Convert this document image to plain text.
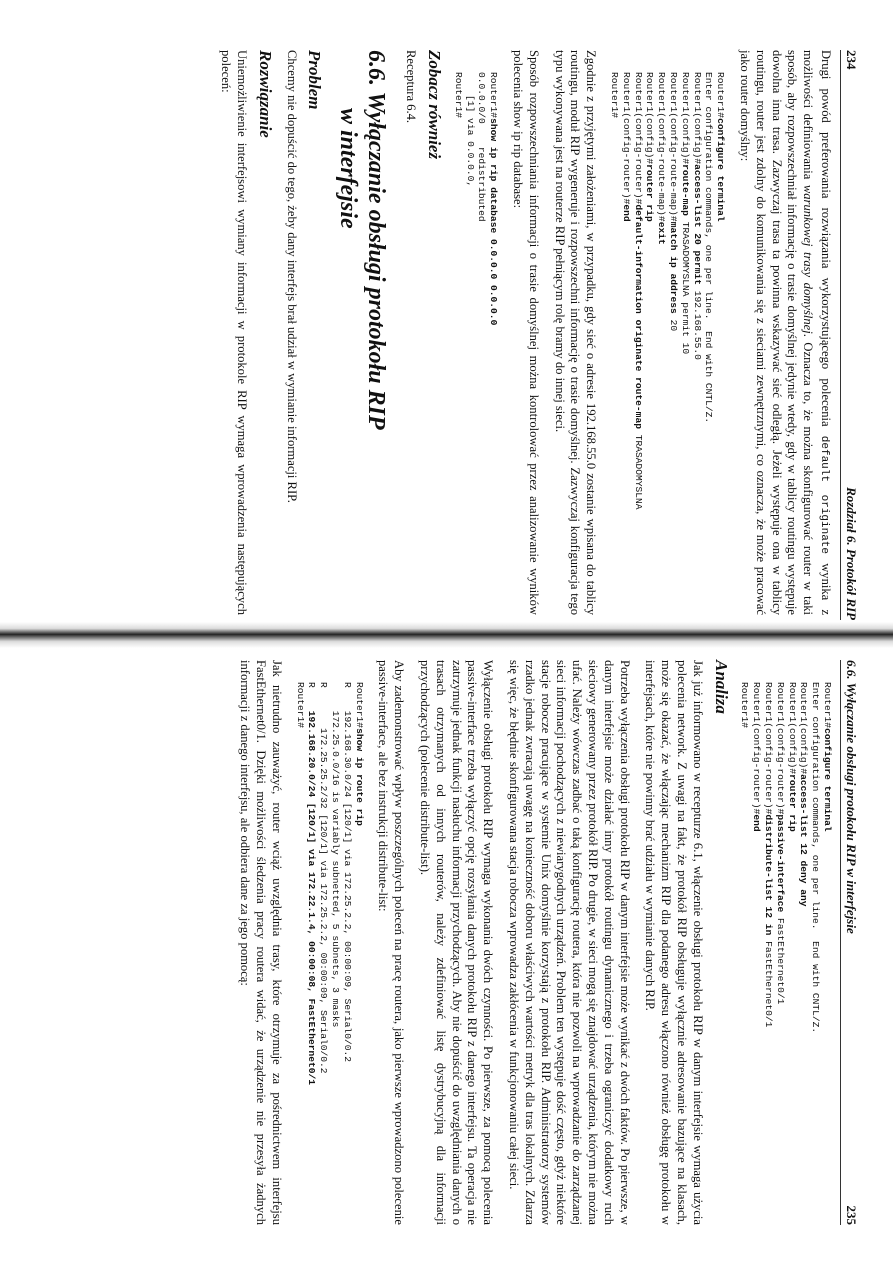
234
Rozdział 6. Protokół RIP

Drugi powód preferowania rozwiązania wykorzystującego polecenia default originate wynika z możliwości definiowania warunkowej trasy domyślnej. Oznacza to, że można skonfigurować router w taki sposób, aby rozpowszechniał informację o trasie domyślnej jedynie wtedy, gdy w tablicy routingu występuje dowolna inna trasa. Zazwyczaj trasa ta powinna wskazywać sieć odległą. Jeżeli występuje ona w tablicy routingu, router jest zdolny do komunikowania się z sieciami zewnętrznymi, co oznacza, że może pracować jako router domyślny:

Router1#configure terminal
Enter configuration commands, one per line.  End with CNTL/Z.
Router1(config)#access-list 20 permit 192.168.55.0
Router1(config)#route-map TRASADOMYSLNA permit 10
Router1(config-route-map)#match ip address 20
Router1(config-route-map)#exit
Router1(config)#router rip
Router1(config-router)#default-information originate route-map TRASADOMYSLNA
Router1(config-router)#end
Router1#

Zgodnie z przyjętymi założeniami, w przypadku, gdy sieć o adresie 192.168.55.0 zostanie wpisana do tablicy routingu, moduł RIP wygeneruje i rozpowszechni informację o trasie domyślnej. Zazwyczaj konfiguracja tego typu wykonywana jest na routerze RIP pełniącym rolę bramy do innej sieci.

Sposób rozpowszechniania informacji o trasie domyślnej można kontrolować przez analizowanie wyników polecenia show ip rip database:

Router1#show ip rip database 0.0.0.0 0.0.0.0
0.0.0.0/0    redistributed
[1] via 0.0.0.0,
Router1#
Zobacz również

Receptura 6.4.

6.6. Wyłączanie obsługi protokołu RIP
w interfejsie
Problem

Chcemy nie dopuścić do tego, żeby dany interfejs brał udział w wymianie informacji RIP.

Rozwiązanie

Uniemożliwienie interfejsowi wymiany informacji w protokole RIP wymaga wprowadzenia następujących poleceń:

6.6. Wyłączanie obsługi protokołu RIP w interfejsie
235

Router1#configure terminal
Enter configuration commands, one per line.  End with CNTL/Z.
Router1(config)#access-list 12 deny any
Router1(config)#router rip
Router1(config-router)#passive-interface FastEthernet0/1
Router1(config-router)#distribute-list 12 in FastEthernet0/1
Router1(config-router)#end
Router1#
Analiza

Jak już informowano w recepturze 6.1, włączenie obsługi protokołu RIP w danym interfejsie wymaga użycia polecenia network. Z uwagi na fakt, że protokół RIP obsługuje wyłącznie adresowanie bazujące na klasach, może się okazać, że włączając mechanizm RIP dla podanego adresu włączono również obsługę protokołu w interfejsach, które nie powinny brać udziału w wymianie danych RIP.

Potrzeba wyłączenia obsługi protokołu RIP w danym interfejsie może wynikać z dwóch faktów. Po pierwsze, w danym interfejsie może działać inny protokół routingu dynamicznego i trzeba ograniczyć dodatkowy ruch sieciowy generowany przez protokół RIP. Po drugie, w sieci mogą się znajdować urządzenia, którym nie można ufać. Należy wówczas zadbać o taką konfigurację routera, która nie pozwoli na wprowadzanie do zarządzanej sieci informacji pochodzących z niewiarygodnych urządzeń. Problem ten występuje dość często, gdyż niektóre stacje robocze pracujące w systemie Unix domyślnie korzystają z protokołu RIP. Administratorzy systemów rzadko jednak zwracają uwagę na konieczność doboru właściwych wartości metryk dla tras lokalnych. Zdarza się więc, że błędnie skonfigurowana stacja robocza wprowadza zakłócenia w funkcjonowaniu całej sieci.

Wyłączenie obsługi protokołu RIP wymaga wykonania dwóch czynności. Po pierwsze, za pomocą polecenia passive-interface trzeba wyłączyć opcję rozsyłania danych protokołu RIP z danego interfejsu. Ta operacja nie zatrzymuje jednak funkcji nasłuchu informacji przychodzących. Aby nie dopuścić do uwzględniania danych o trasach otrzymanych od innych routerów, należy zdefiniować listę dystrybucyjną dla informacji przychodzących (polecenie distribute-list).

Aby zademonstrować wpływ poszczególnych poleceń na pracę routera, jako pierwsze wprowadzono polecenie passive-interface, ale bez instrukcji distribute-list:

Router1#show ip route rip
R    192.168.30.0/24 [120/1] via 172.25.2.2, 00:00:09, Serial0/0.2
172.25.0.0/16 is variably subnetted, 5 subnets, 3 masks
R       172.25.25.2/32 [120/1] via 172.25.2.2, 00:00:09, Serial0/0.2
R    192.168.20.0/24 [120/1] via 172.22.1.4, 00:00:08, FastEthernet0/1
Router1#

Jak nietrudno zauważyć, router wciąż uwzględnia trasy, które otrzymuje za pośrednictwem interfejsu FastEthernet0/1. Dzięki możliwości śledzenia pracy routera widać, że urządzenie nie przesyła żadnych informacji z danego interfejsu, ale odbiera dane za jego pomocą:
